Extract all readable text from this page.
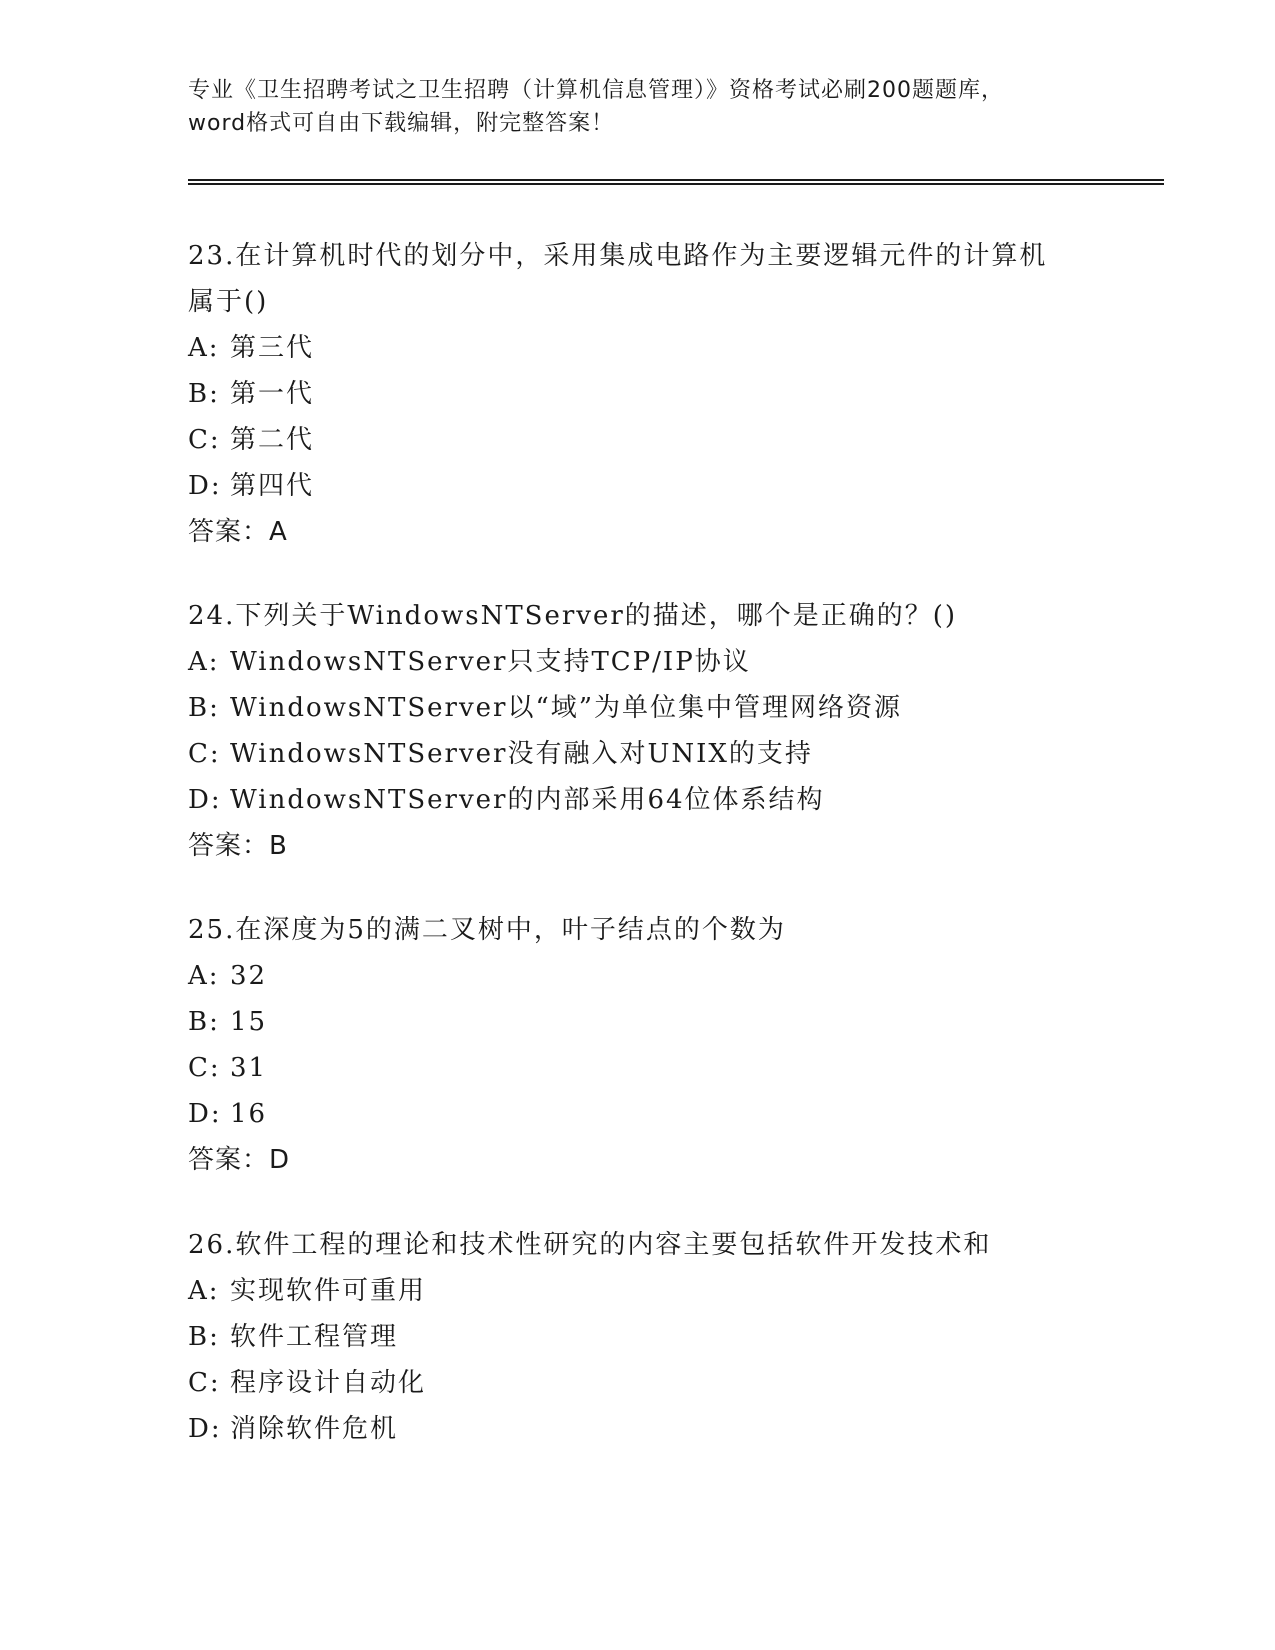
专业《卫生招聘考试之卫生招聘（计算机信息管理）》资格考试必刷200题题库，
word格式可自由下载编辑，附完整答案！
23.在计算机时代的划分中，采用集成电路作为主要逻辑元件的计算机
属于()
A: 第三代
B: 第一代
C: 第二代
D: 第四代
答案：A
24.下列关于WindowsNTServer的描述，哪个是正确的？()
A: WindowsNTServer只支持TCP/IP协议
B: WindowsNTServer以“域”为单位集中管理网络资源
C: WindowsNTServer没有融入对UNIX的支持
D: WindowsNTServer的内部采用64位体系结构
答案：B
25.在深度为5的满二叉树中，叶子结点的个数为
A: 32
B: 15
C: 31
D: 16
答案：D
26.软件工程的理论和技术性研究的内容主要包括软件开发技术和
A: 实现软件可重用
B: 软件工程管理
C: 程序设计自动化
D: 消除软件危机
